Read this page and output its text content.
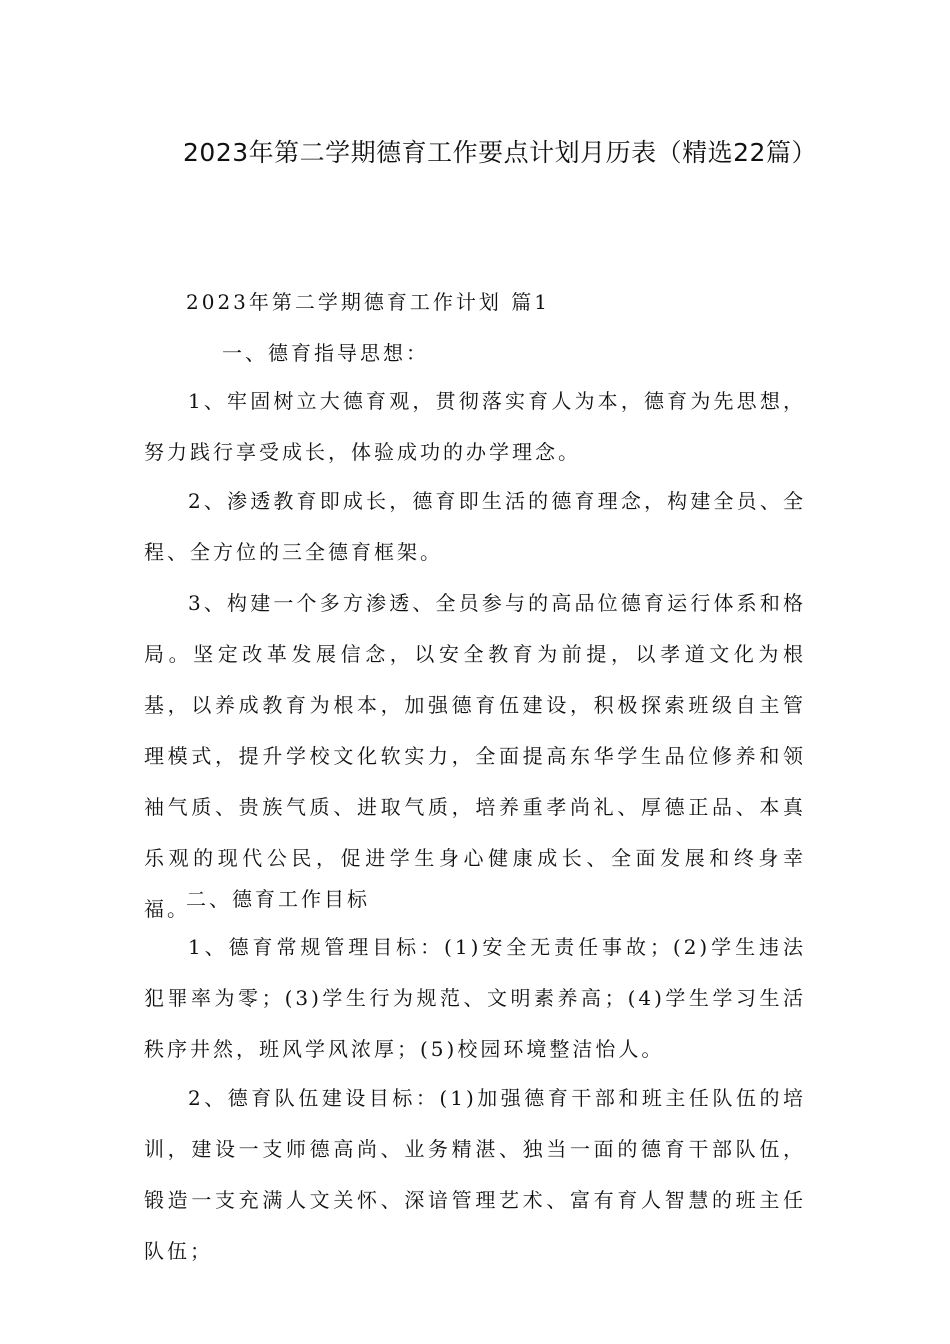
2023年第二学期德育工作要点计划月历表（精选22篇）
2023年第二学期德育工作计划 篇1
一、德育指导思想：
1、牢固树立大德育观，贯彻落实育人为本，德育为先思想，努力践行享受成长，体验成功的办学理念。
2、渗透教育即成长，德育即生活的德育理念，构建全员、全程、全方位的三全德育框架。
3、构建一个多方渗透、全员参与的高品位德育运行体系和格局。坚定改革发展信念，以安全教育为前提，以孝道文化为根基，以养成教育为根本，加强德育伍建设，积极探索班级自主管理模式，提升学校文化软实力，全面提高东华学生品位修养和领袖气质、贵族气质、进取气质，培养重孝尚礼、厚德正品、本真乐观的现代公民，促进学生身心健康成长、全面发展和终身幸福。
二、德育工作目标
1、德育常规管理目标：(1)安全无责任事故；(2)学生违法犯罪率为零；(3)学生行为规范、文明素养高；(4)学生学习生活秩序井然，班风学风浓厚；(5)校园环境整洁怡人。
2、德育队伍建设目标：(1)加强德育干部和班主任队伍的培训，建设一支师德高尚、业务精湛、独当一面的德育干部队伍，锻造一支充满人文关怀、深谙管理艺术、富有育人智慧的班主任队伍；
